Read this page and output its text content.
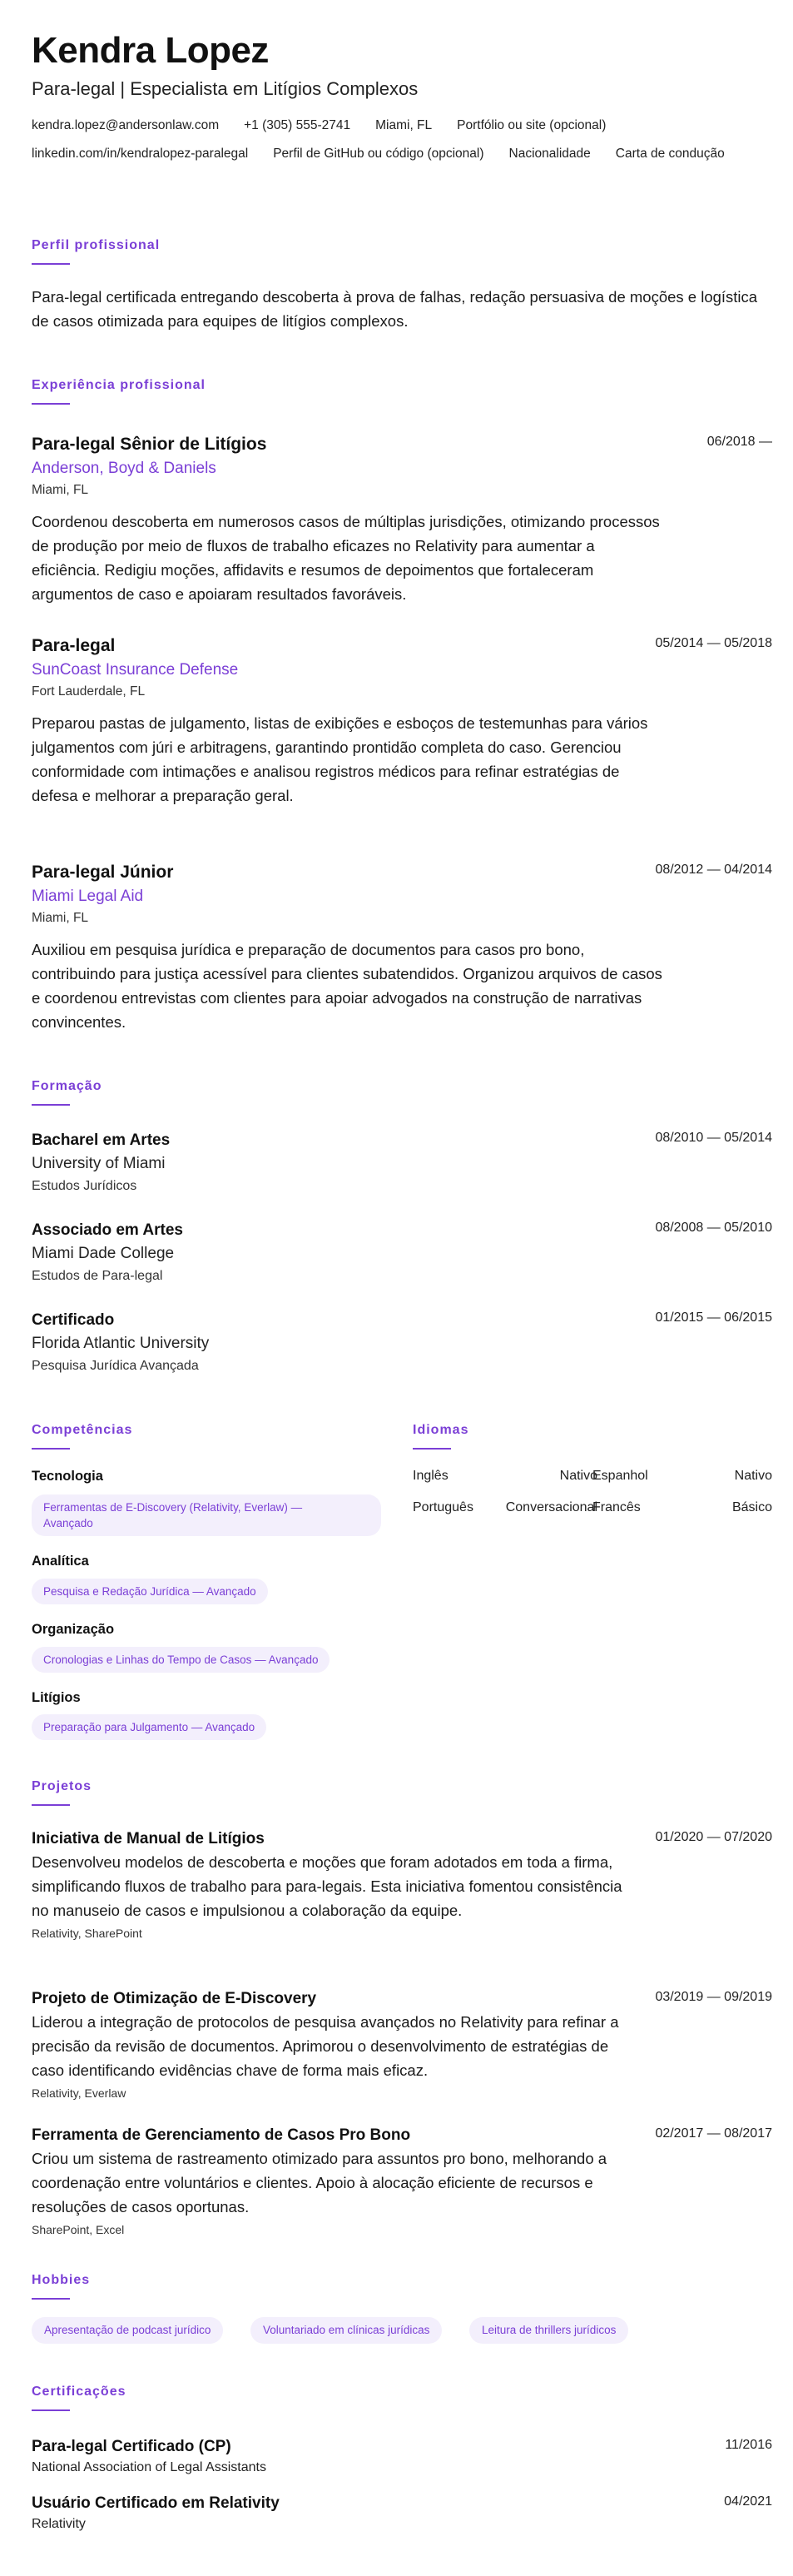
Kendra Lopez
Para-legal | Especialista em Litígios Complexos
kendra.lopez@andersonlaw.com +1 (305) 555-2741 Miami, FL Portfólio ou site (opcional)
linkedin.com/in/kendralopez-paralegal Perfil de GitHub ou código (opcional) Nacionalidade Carta de condução
Perfil profissional
Para-legal certificada entregando descoberta à prova de falhas, redação persuasiva de moções e logística de casos otimizada para equipes de litígios complexos.
Experiência profissional
Para-legal Sênior de Litígios
Anderson, Boyd & Daniels
Miami, FL
Coordenou descoberta em numerosos casos de múltiplas jurisdições, otimizando processos de produção por meio de fluxos de trabalho eficazes no Relativity para aumentar a eficiência. Redigiu moções, affidavits e resumos de depoimentos que fortaleceram argumentos de caso e apoiaram resultados favoráveis.
06/2018 —
Para-legal
SunCoast Insurance Defense
Fort Lauderdale, FL
Preparou pastas de julgamento, listas de exibições e esboços de testemunhas para vários julgamentos com júri e arbitragens, garantindo prontidão completa do caso. Gerenciou conformidade com intimações e analisou registros médicos para refinar estratégias de defesa e melhorar a preparação geral.
05/2014 — 05/2018
Para-legal Júnior
Miami Legal Aid
Miami, FL
Auxiliou em pesquisa jurídica e preparação de documentos para casos pro bono, contribuindo para justiça acessível para clientes subatendidos. Organizou arquivos de casos e coordenou entrevistas com clientes para apoiar advogados na construção de narrativas convincentes.
08/2012 — 04/2014
Formação
Bacharel em Artes
University of Miami
Estudos Jurídicos
08/2010 — 05/2014
Associado em Artes
Miami Dade College
Estudos de Para-legal
08/2008 — 05/2010
Certificado
Florida Atlantic University
Pesquisa Jurídica Avançada
01/2015 — 06/2015
Competências
Tecnologia
Ferramentas de E-Discovery (Relativity, Everlaw) —
Avançado
Analítica
Pesquisa e Redação Jurídica — Avançado
Organização
Cronologias e Linhas do Tempo de Casos — Avançado
Litígios
Preparação para Julgamento — Avançado
Idiomas
Inglês	Nativo
Espanhol	Nativo
Português	Conversacional
Francês	Básico
Projetos
Iniciativa de Manual de Litígios
Desenvolveu modelos de descoberta e moções que foram adotados em toda a firma, simplificando fluxos de trabalho para para-legais. Esta iniciativa fomentou consistência no manuseio de casos e impulsionou a colaboração da equipe.
Relativity, SharePoint
01/2020 — 07/2020
Projeto de Otimização de E-Discovery
Liderou a integração de protocolos de pesquisa avançados no Relativity para refinar a precisão da revisão de documentos. Aprimorou o desenvolvimento de estratégias de caso identificando evidências chave de forma mais eficaz.
Relativity, Everlaw
03/2019 — 09/2019
Ferramenta de Gerenciamento de Casos Pro Bono
Criou um sistema de rastreamento otimizado para assuntos pro bono, melhorando a coordenação entre voluntários e clientes. Apoio à alocação eficiente de recursos e resoluções de casos oportunas.
SharePoint, Excel
02/2017 — 08/2017
Hobbies
Apresentação de podcast jurídico	Voluntariado em clínicas jurídicas	Leitura de thrillers jurídicos
Certificações
Para-legal Certificado (CP)
National Association of Legal Assistants
11/2016
Usuário Certificado em Relativity
Relativity
04/2021
